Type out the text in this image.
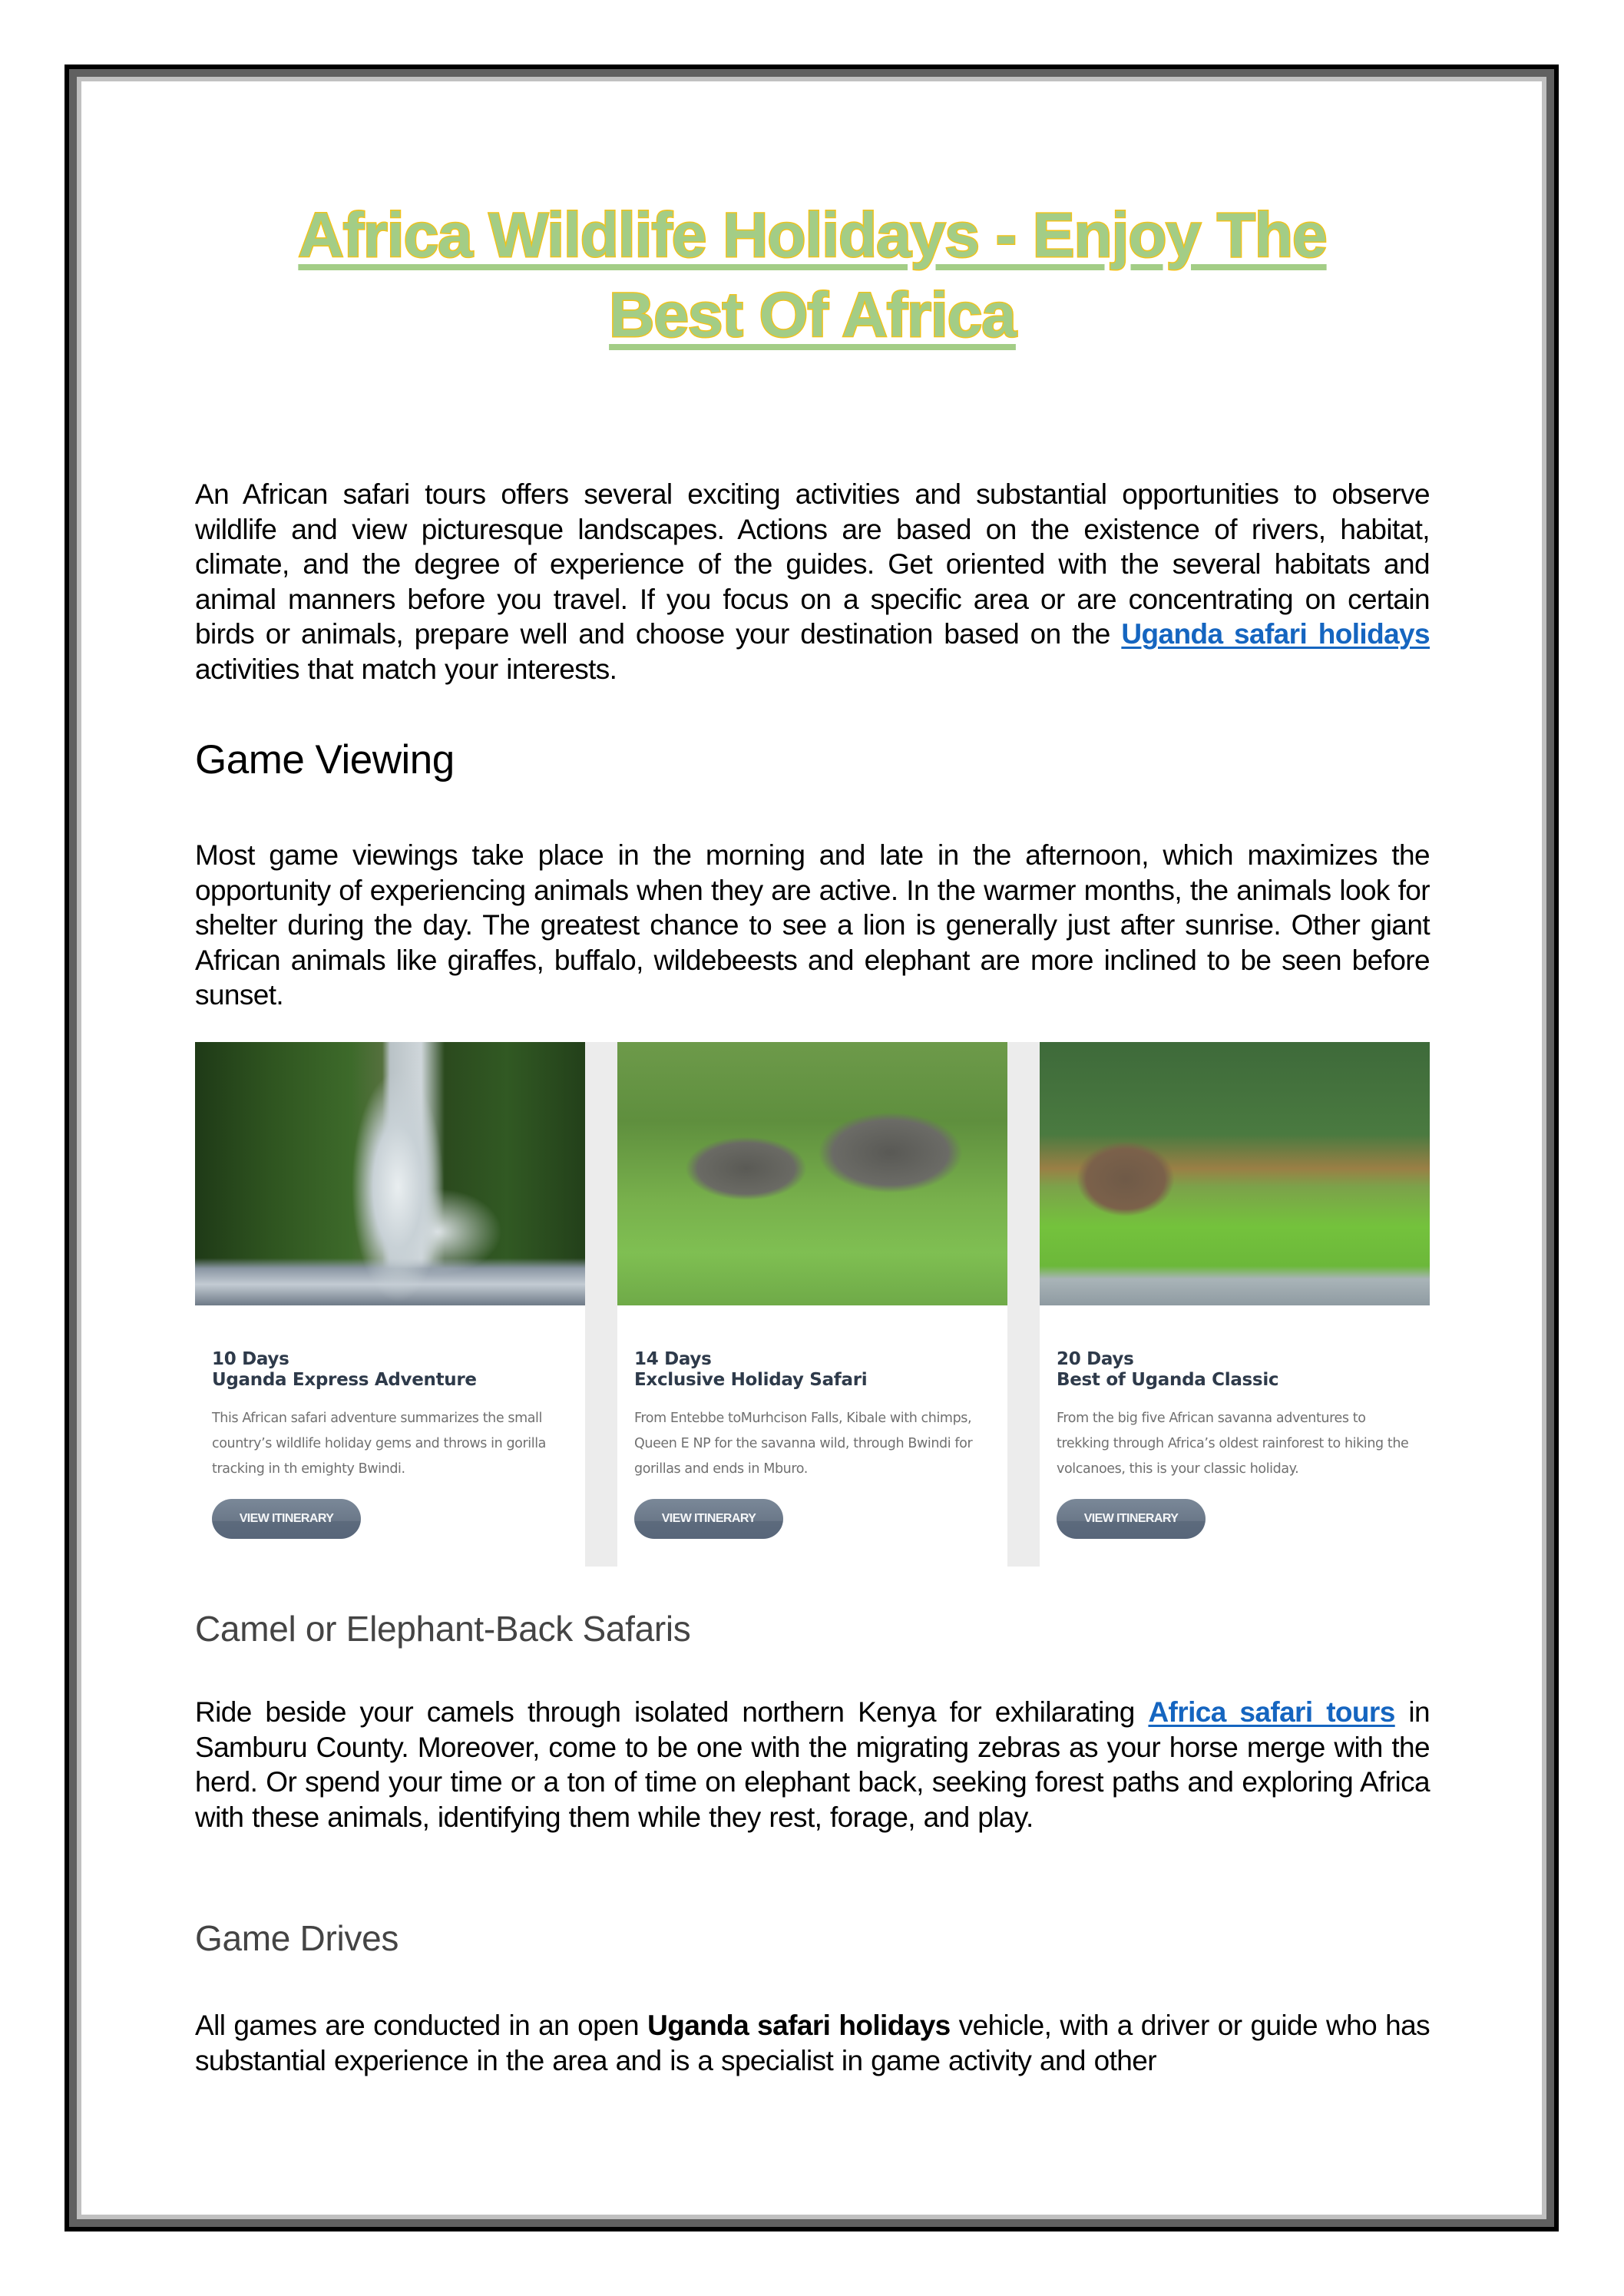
Africa Wildlife Holidays - Enjoy The
Best Of Africa

An African safari tours offers several exciting activities and substantial opportunities to observe wildlife and view picturesque landscapes. Actions are based on the existence of rivers, habitat, climate, and the degree of experience of the guides. Get oriented with the several habitats and animal manners before you travel. If you focus on a specific area or are concentrating on certain birds or animals, prepare well and choose your destination based on the Uganda safari holidays activities that match your interests.

Game Viewing

Most game viewings take place in the morning and late in the afternoon, which maximizes the opportunity of experiencing animals when they are active. In the warmer months, the animals look for shelter during the day. The greatest chance to see a lion is generally just after sunrise. Other giant African animals like giraffes, buffalo, wildebeests and elephant are more inclined to be seen before sunset.

10 Days
Uganda Express Adventure
This African safari adventure summarizes the small country’s wildlife holiday gems and throws in gorilla tracking in th emighty Bwindi.
VIEW ITINERARY
14 Days
Exclusive Holiday Safari
From Entebbe toMurhcison Falls, Kibale with chimps, Queen E NP for the savanna wild, through Bwindi for gorillas and ends in Mburo.
VIEW ITINERARY
20 Days
Best of Uganda Classic
From the big five African savanna adventures to trekking through Africa’s oldest rainforest to hiking the volcanoes, this is your classic holiday.
VIEW ITINERARY
Camel or Elephant-Back Safaris

Ride beside your camels through isolated northern Kenya for exhilarating Africa safari tours in Samburu County. Moreover, come to be one with the migrating zebras as your horse merge with the herd. Or spend your time or a ton of time on elephant back, seeking forest paths and exploring Africa with these animals, identifying them while they rest, forage, and play.

Game Drives

All games are conducted in an open Uganda safari holidays vehicle, with a driver or guide who has substantial experience in the area and is a specialist in game activity and other
